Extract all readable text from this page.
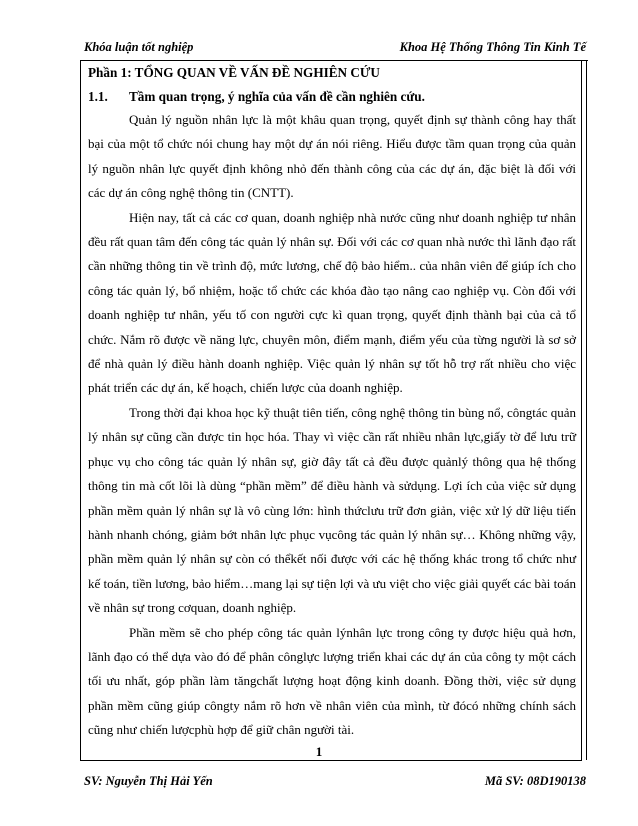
Khóa luận tốt nghiệp	Khoa Hệ Thống Thông Tin Kinh Tế
Phần 1: TỔNG QUAN VỀ VẤN ĐỀ NGHIÊN CỨU
1.1.	Tầm quan trọng, ý nghĩa của vấn đề cần nghiên cứu.

Quản lý nguồn nhân lực là một khâu quan trọng, quyết định sự thành công hay thất bại của một tổ chức nói chung hay một dự án nói riêng. Hiểu được tầm quan trọng của quản lý nguồn nhân lực quyết định không nhỏ đến thành công của các dự án, đặc biệt là đối với các dự án công nghệ thông tin (CNTT).

Hiện nay, tất cả các cơ quan, doanh nghiệp nhà nước cũng như doanh nghiệp tư nhân đều rất quan tâm đến công tác quản lý nhân sự. Đối với các cơ quan nhà nước thì lãnh đạo rất cần những thông tin về trình độ, mức lương, chế độ bảo hiểm.. của nhân viên để giúp ích cho công tác quản lý, bổ nhiệm, hoặc tổ chức các khóa đào tạo nâng cao nghiệp vụ. Còn đối với doanh nghiệp tư nhân, yếu tố con người cực kì quan trọng, quyết định thành bại của cả tổ chức. Nắm rõ được về năng lực, chuyên môn, điểm mạnh, điểm yếu của từng người là sơ sở để nhà quản lý điều hành doanh nghiệp. Việc quản lý nhân sự tốt hỗ trợ rất nhiều cho việc phát triển các dự án, kế hoạch, chiến lược của doanh nghiệp.

Trong thời đại khoa học kỹ thuật tiên tiến, công nghệ thông tin bùng nổ, côngtác quản lý nhân sự cũng cần được tin học hóa. Thay vì việc cần rất nhiều nhân lực,giấy tờ để lưu trữ phục vụ cho công tác quản lý nhân sự, giờ đây tất cả đều được quảnlý thông qua hệ thống thông tin mà cốt lõi là dùng “phần mềm” để điều hành và sửdụng. Lợi ích của việc sử dụng phần mềm quản lý nhân sự là vô cùng lớn: hình thứclưu trữ đơn giản, việc xử lý dữ liệu tiến hành nhanh chóng, giảm bớt nhân lực phục vụcông tác quản lý nhân sự… Không những vậy, phần mềm quản lý nhân sự còn có thểkết nối được với các hệ thống khác trong tổ chức như kế toán, tiền lương, bảo hiểm…mang lại sự tiện lợi và ưu việt cho việc giải quyết các bài toán về nhân sự trong cơquan, doanh nghiệp.

Phần mềm sẽ cho phép công tác quản lýnhân lực trong công ty được hiệu quả hơn, lãnh đạo có thể dựa vào đó để phân cônglực lượng triển khai các dự án của công ty một cách tối ưu nhất, góp phần làm tăngchất lượng hoạt động kinh doanh. Đồng thời, việc sử dụng phần mềm cũng giúp côngty nắm rõ hơn về nhân viên của mình, từ đócó những chính sách cũng như chiến lượcphù hợp để giữ chân người tài.

1
SV: Nguyễn Thị Hải Yến	Mã SV: 08D190138
